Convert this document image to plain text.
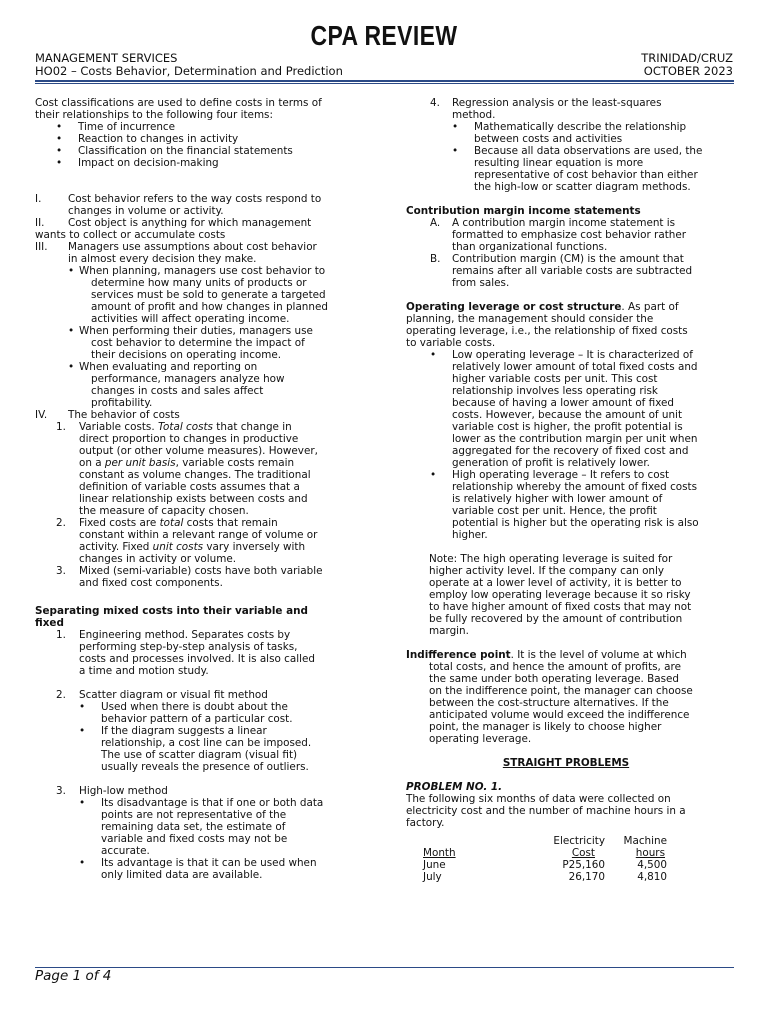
CPA REVIEW
MANAGEMENT SERVICES
HO02 – Costs Behavior, Determination and Prediction
TRINIDAD/CRUZ
OCTOBER 2023

Cost classifications are used to define costs in terms of

their relationships to the following four items:

• Time of incurrence

• Reaction to changes in activity

• Classification on the financial statements

• Impact on decision-making

I.	Cost behavior refers to the way costs respond to

changes in volume or activity.

II. Cost object is anything for which management

wants to collect or accumulate costs

III. Managers use assumptions about cost behavior

in almost every decision they make.

• When planning, managers use cost behavior to

determine how many units of products or

services must be sold to generate a targeted

amount of profit and how changes in planned

activities will affect operating income.

• When performing their duties, managers use

cost behavior to determine the impact of

their decisions on operating income.

• When evaluating and reporting on

performance, managers analyze how

changes in costs and sales affect

profitability.

IV. The behavior of costs

1. Variable costs. Total costs that change in

direct proportion to changes in productive

output (or other volume measures). However,

on a per unit basis, variable costs remain

constant as volume changes. The traditional

definition of variable costs assumes that a

linear relationship exists between costs and

the measure of capacity chosen.

2. Fixed costs are total costs that remain

constant within a relevant range of volume or

activity. Fixed unit costs vary inversely with

changes in activity or volume.

3. Mixed (semi-variable) costs have both variable

and fixed cost components.

Separating mixed costs into their variable and

fixed

1. Engineering method. Separates costs by

performing step-by-step analysis of tasks,

costs and processes involved. It is also called

a time and motion study.

2. Scatter diagram or visual fit method

• Used when there is doubt about the

behavior pattern of a particular cost.

• If the diagram suggests a linear

relationship, a cost line can be imposed.

The use of scatter diagram (visual fit)

usually reveals the presence of outliers.

3. High-low method

• Its disadvantage is that if one or both data

points are not representative of the

remaining data set, the estimate of

variable and fixed costs may not be

accurate.

• Its advantage is that it can be used when

only limited data are available.

4. Regression analysis or the least-squares

method.

• Mathematically describe the relationship

between costs and activities

• Because all data observations are used, the

resulting linear equation is more

representative of cost behavior than either

the high-low or scatter diagram methods.

Contribution margin income statements

A. A contribution margin income statement is

formatted to emphasize cost behavior rather

than organizational functions.

B. Contribution margin (CM) is the amount that

remains after all variable costs are subtracted

from sales.

Operating leverage or cost structure. As part of

planning, the management should consider the

operating leverage, i.e., the relationship of fixed costs

to variable costs.

• Low operating leverage – It is characterized of

relatively lower amount of total fixed costs and

higher variable costs per unit. This cost

relationship involves less operating risk

because of having a lower amount of fixed

costs. However, because the amount of unit

variable cost is higher, the profit potential is

lower as the contribution margin per unit when

aggregated for the recovery of fixed cost and

generation of profit is relatively lower.

• High operating leverage – It refers to cost

relationship whereby the amount of fixed costs

is relatively higher with lower amount of

variable cost per unit. Hence, the profit

potential is higher but the operating risk is also

higher.

Note: The high operating leverage is suited for

higher activity level. If the company can only

operate at a lower level of activity, it is better to

employ low operating leverage because it so risky

to have higher amount of fixed costs that may not

be fully recovered by the amount of contribution

margin.

Indifference point. It is the level of volume at which

total costs, and hence the amount of profits, are

the same under both operating leverage. Based

on the indifference point, the manager can choose

between the cost-structure alternatives. If the

anticipated volume would exceed the indifference

point, the manager is likely to choose higher

operating leverage.

STRAIGHT PROBLEMS

PROBLEM NO. 1.

The following six months of data were collected on

electricity cost and the number of machine hours in a

factory.

	Electricity	Machine
Month	Cost	hours
June	P25,160	4,500
July	26,170	4,810
Page 1 of 4
